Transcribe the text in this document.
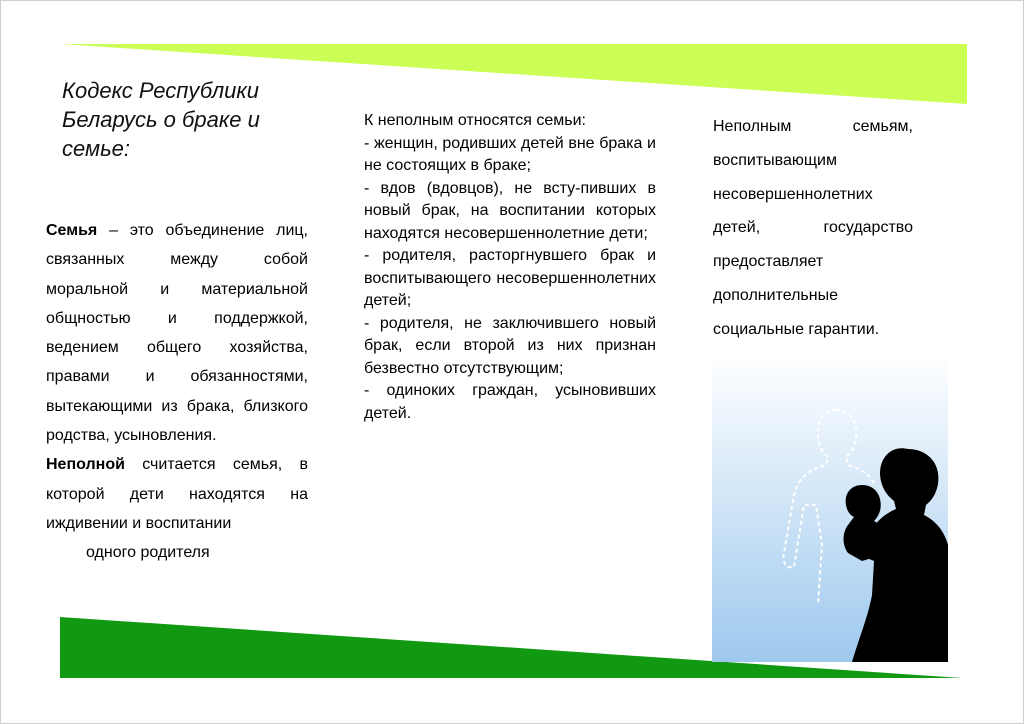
Кодекс Республики Беларусь о браке и семье:
Семья – это объединение лиц, связанных между собой моральной и материальной общностью и поддержкой, ведением общего хозяйства, правами и обязанностями, вытекающими из брака, близкого родства, усыновления.
Неполной считается семья, в которой дети находятся на иждивении и воспитании
одного родителя

К неполным относятся семьи:

- женщин, родивших детей вне брака и не состоящих в браке;

- вдов (вдовцов), не всту-пивших в новый брак, на воспитании которых находятся несовершеннолетние дети;

- родителя, расторгнувшего брак и воспитывающего несовершеннолетних детей;

- родителя, не заключившего новый брак, если второй из них признан безвестно отсутствующим;

- одиноких граждан, усыновивших детей.

Неполным семьям, воспитывающим несовершеннолетних детей, государство предоставляет дополнительные социальные гарантии.
